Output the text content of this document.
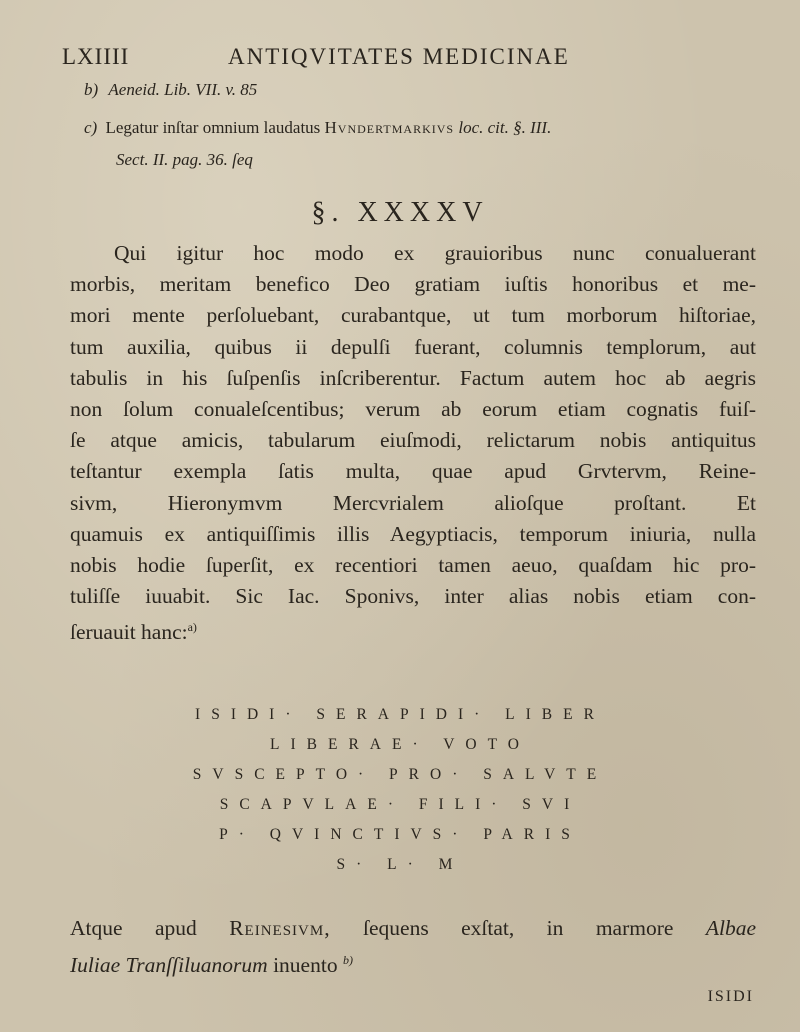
LXIIII	ANTIQVITATES MEDICINAE
b) Aeneid. Lib. VII. v. 85
c) Legatur inſtar omnium laudatus Hvndertmarkivs loc. cit. §. III.
Sect. II. pag. 36. ſeq
§. XXXXV
Qui igitur hoc modo ex grauioribus nunc conualuerant
morbis, meritam benefico Deo gratiam iuſtis honoribus et me-
mori mente perſoluebant, curabantque, ut tum morborum hiſtoriae,
tum auxilia, quibus ii depulſi fuerant, columnis templorum, aut
tabulis in his ſuſpenſis inſcriberentur. Factum autem hoc ab aegris
non ſolum conualeſcentibus; verum ab eorum etiam cognatis fuiſ-
ſe atque amicis, tabularum eiuſmodi, relictarum nobis antiquitus
teſtantur exempla ſatis multa, quae apud Grvtervm, Reine-
sivm, Hieronymvm Mercvrialem alioſque proſtant. Et
quamuis ex antiquiſſimis illis Aegyptiacis, temporum iniuria, nulla
nobis hodie ſuperſit, ex recentiori tamen aeuo, quaſdam hic pro-
tuliſſe iuuabit. Sic Iac. Sponivs, inter alias nobis etiam con-
ſeruauit hanc:$^{a)}$
ISIDI· SERAPIDI· LIBER
LIBERAE· VOTO
SVSCEPTO· PRO· SALVTE
SCAPVLAE· FILI· SVI
P· QVINCTIVS· PARIS
S· L· M
Atque apud Reinesivm, ſequens exſtat, in marmore Albae
Iuliae Tranſſiluanorum inuento $^{b)}$
ISIDI
